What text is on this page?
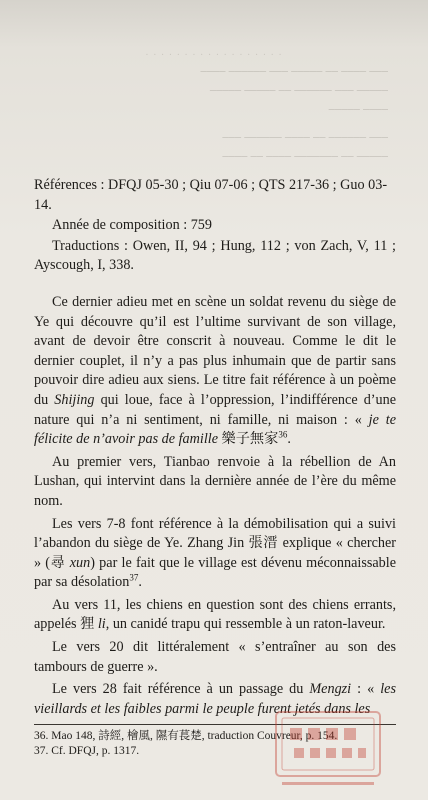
· · · · · · · · · · · · · · · · · ·
⎯⎯⎯ ⎯⎯⎯⎯ ⎯⎯ ⎯⎯⎯⎯⎯ ⎯⎯⎯ ⎯⎯⎯⎯⎯⎯ ⎯⎯⎯⎯
⎯⎯⎯⎯⎯ ⎯⎯⎯ ⎯⎯⎯⎯⎯⎯ ⎯⎯ ⎯⎯⎯⎯⎯ ⎯⎯⎯⎯⎯
⎯⎯⎯⎯ ⎯⎯⎯⎯⎯
⎯⎯⎯ ⎯⎯⎯⎯⎯⎯ ⎯⎯ ⎯⎯⎯⎯ ⎯⎯⎯⎯⎯⎯ ⎯⎯⎯
⎯⎯⎯⎯⎯ ⎯⎯ ⎯⎯⎯⎯⎯⎯⎯ ⎯⎯⎯⎯ ⎯⎯ ⎯⎯⎯⎯

Références : DFQJ 05-30 ; Qiu 07-06 ; QTS 217-36 ; Guo 03-14.

Année de composition : 759

Traductions : Owen, II, 94 ; Hung, 112 ; von Zach, V, 11 ; Ayscough, I, 338.

Ce dernier adieu met en scène un soldat revenu du siège de Ye qui découvre qu’il est l’ultime survivant de son village, avant de devoir être conscrit à nouveau. Comme le dit le dernier couplet, il n’y a pas plus inhumain que de partir sans pouvoir dire adieu aux siens. Le titre fait référence à un poème du Shijing qui loue, face à l’oppression, l’indifférence d’une nature qui n’a ni sentiment, ni famille, ni maison : « je te félicite de n’avoir pas de famille 樂子無家$^{36}$.

Au premier vers, Tianbao renvoie à la rébellion de An Lushan, qui intervint dans la dernière année de l’ère du même nom.

Les vers 7-8 font référence à la démobilisation qui a suivi l’abandon du siège de Ye. Zhang Jin 張溍 explique « chercher » (尋 xun) par le fait que le village est dévenu méconnaissable par sa désolation$^{37}$.

Au vers 11, les chiens en question sont des chiens errants, appelés 狸 li, un canidé trapu qui ressemble à un raton-laveur.

Le vers 20 dit littéralement « s’entraîner au son des tambours de guerre ».

Le vers 28 fait référence à un passage du Mengzi : « les vieillards et les faibles parmi le peuple furent jetés dans les

36. Mao 148, 詩經, 檜風, 隰有萇楚, traduction Couvreur, p. 154.

37. Cf. DFQJ, p. 1317.
